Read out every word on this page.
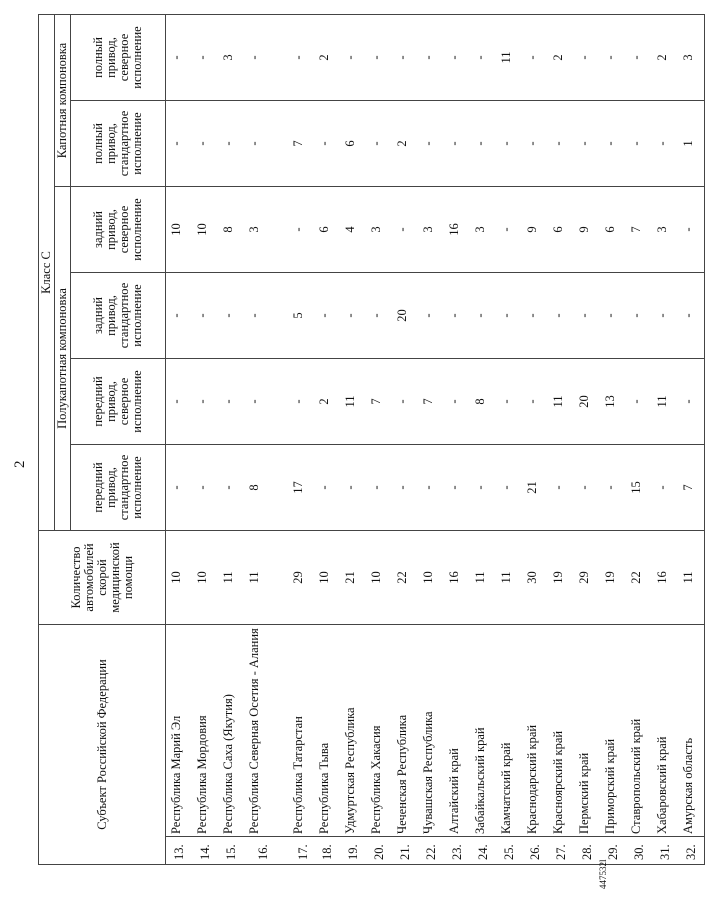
2
Субъект Российской Федерации		Количество автомобилей скорой медицинской помощи	Класс С					
			Полукапотная компоновка				Капотная компоновка	
			передний привод, стандартное исполнение	передний привод, северное исполнение	задний привод, стандартное исполнение	задний привод, северное исполнение	полный привод, стандартное исполнение	полный привод, северное исполнение
13.	Республика Марий Эл	10	-	-	-	10	-	-
14.	Республика Мордовия	10	-	-	-	10	-	-
15.	Республика Саха (Якутия)	11	-	-	-	8	-	3
16.	Республика Северная Осетия - Алания	11	8	-	-	3	-	-
17.	Республика Татарстан	29	17	-	5	-	7	-
18.	Республика Тыва	10	-	2	-	6	-	2
19.	Удмуртская Республика	21	-	11	-	4	6	-
20.	Республика Хакасия	10	-	7	-	3	-	-
21.	Чеченская Республика	22	-	-	20	-	2	-
22.	Чувашская Республика	10	-	7	-	3	-	-
23.	Алтайский край	16	-	-	-	16	-	-
24.	Забайкальский край	11	-	8	-	3	-	-
25.	Камчатский край	11	-	-	-	-	-	11
26.	Краснодарский край	30	21	-	-	9	-	-
27.	Красноярский край	19	-	11	-	6	-	2
28.	Пермский край	29	-	20	-	9	-	-
29.	Приморский край	19	-	13	-	6	-	-
30.	Ставропольский край	22	15	-	-	7	-	-
31.	Хабаровский край	16	-	11	-	3	-	2
32.	Амурская область	11	7	-	-	-	1	3
447532l
